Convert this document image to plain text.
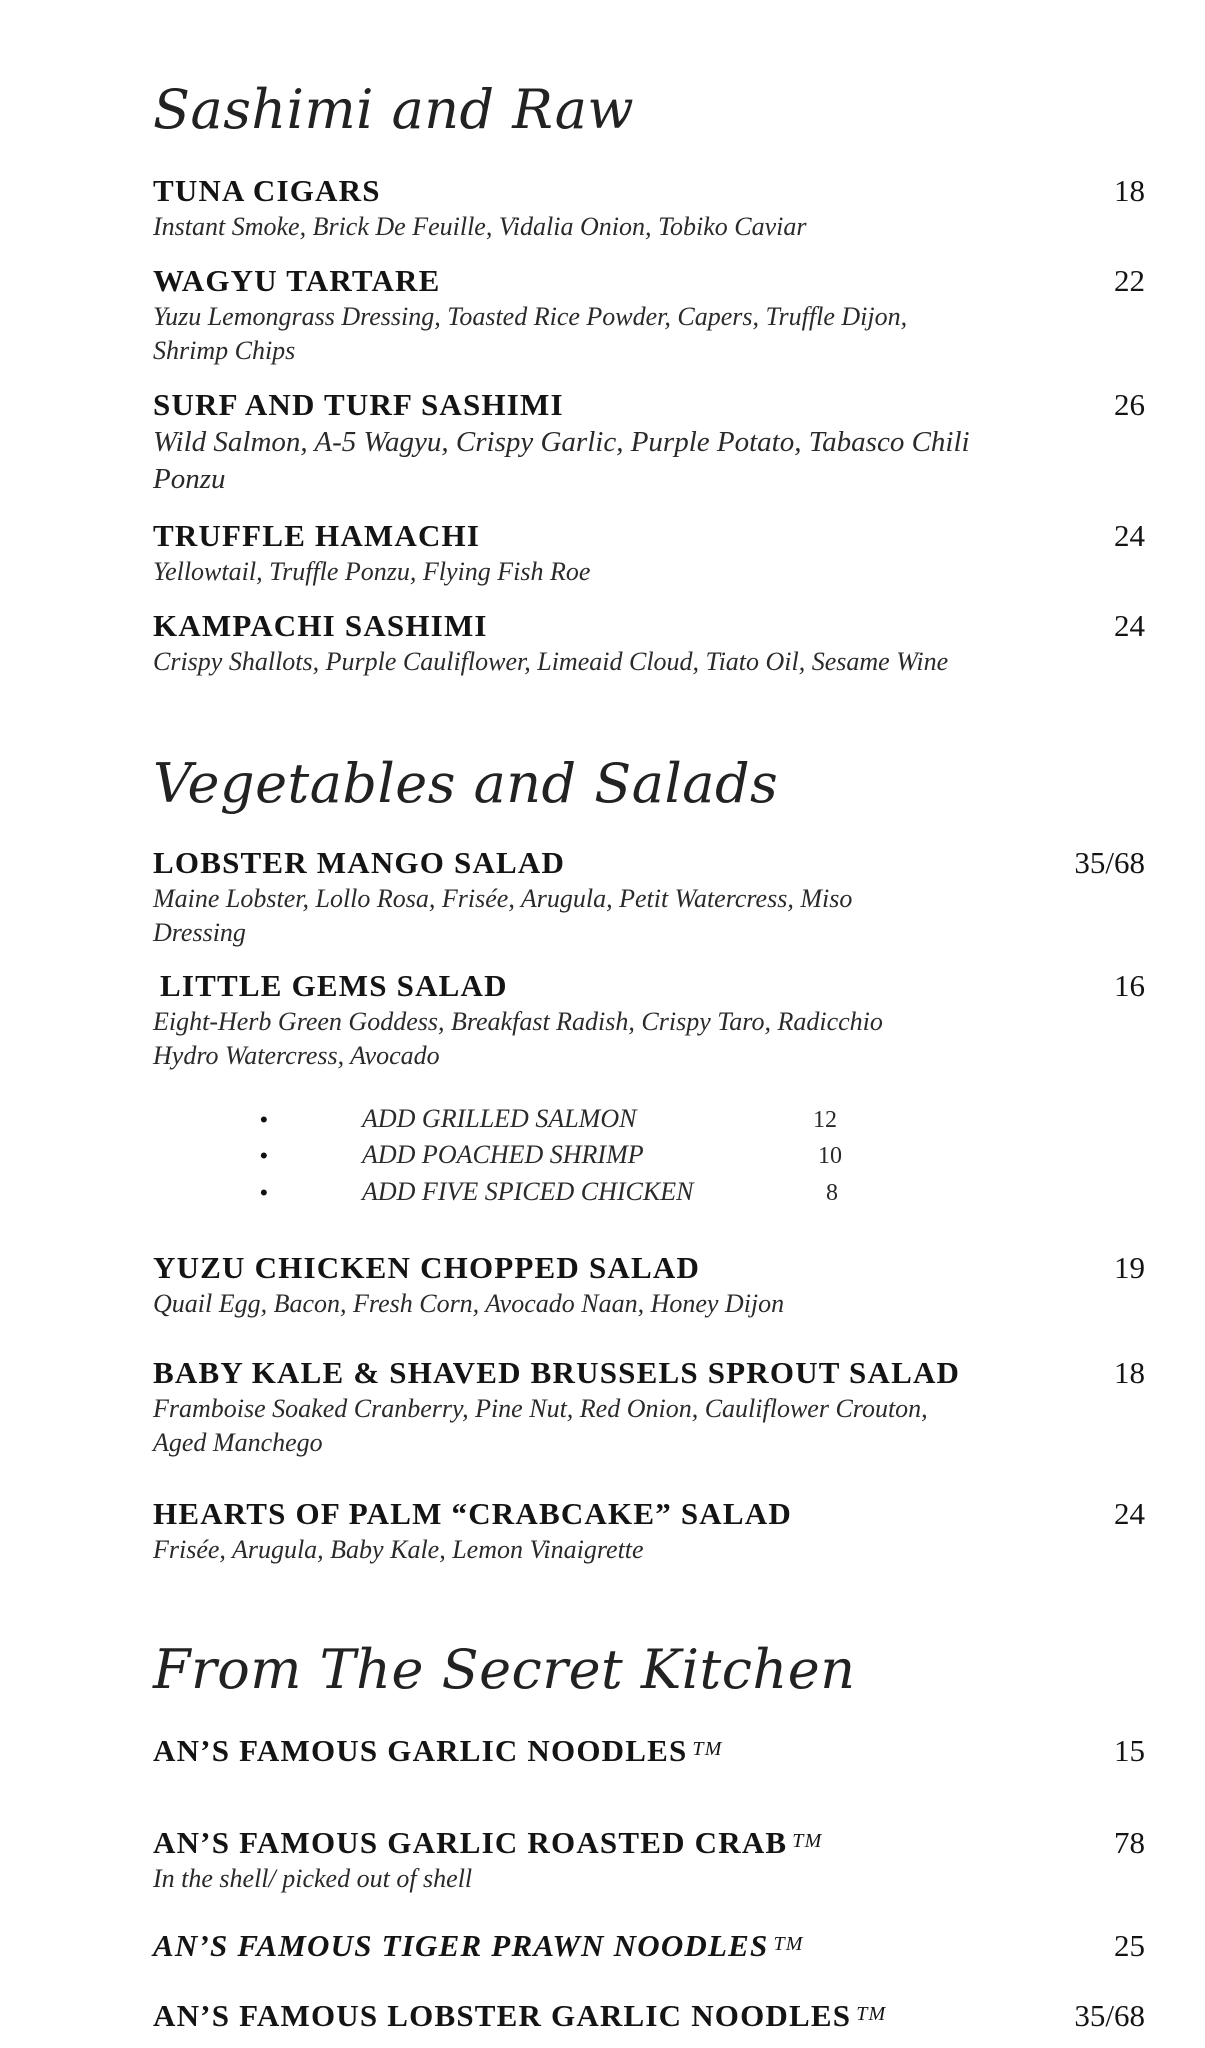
Sashimi and Raw
TUNA CIGARS	18
Instant Smoke, Brick De Feuille, Vidalia Onion, Tobiko Caviar
WAGYU TARTARE	22
Yuzu Lemongrass Dressing, Toasted Rice Powder, Capers, Truffle Dijon, Shrimp Chips
SURF AND TURF SASHIMI	26
Wild Salmon, A-5 Wagyu, Crispy Garlic, Purple Potato, Tabasco Chili Ponzu
TRUFFLE HAMACHI	24
Yellowtail, Truffle Ponzu, Flying Fish Roe
KAMPACHI SASHIMI	24
Crispy Shallots, Purple Cauliflower, Limeaid Cloud, Tiato Oil, Sesame Wine
Vegetables and Salads
LOBSTER MANGO SALAD	35/68
Maine Lobster, Lollo Rosa, Frisée, Arugula, Petit Watercress, Miso Dressing
LITTLE GEMS SALAD	16
Eight-Herb Green Goddess, Breakfast Radish, Crispy Taro, Radicchio Hydro Watercress, Avocado
•	ADD GRILLED SALMON	12
•	ADD POACHED SHRIMP	10
•	ADD FIVE SPICED CHICKEN	8
YUZU CHICKEN CHOPPED SALAD	19
Quail Egg, Bacon, Fresh Corn, Avocado Naan, Honey Dijon
BABY KALE & SHAVED BRUSSELS SPROUT SALAD	18
Framboise Soaked Cranberry, Pine Nut, Red Onion, Cauliflower Crouton, Aged Manchego
HEARTS OF PALM “CRABCAKE” SALAD	24
Frisée, Arugula, Baby Kale, Lemon Vinaigrette
From The Secret Kitchen
AN’S FAMOUS GARLIC NOODLES TM	15
AN’S FAMOUS GARLIC ROASTED CRAB TM	78
In the shell/ picked out of shell
AN’S FAMOUS TIGER PRAWN NOODLES TM	25
AN’S FAMOUS LOBSTER GARLIC NOODLES TM	35/68
